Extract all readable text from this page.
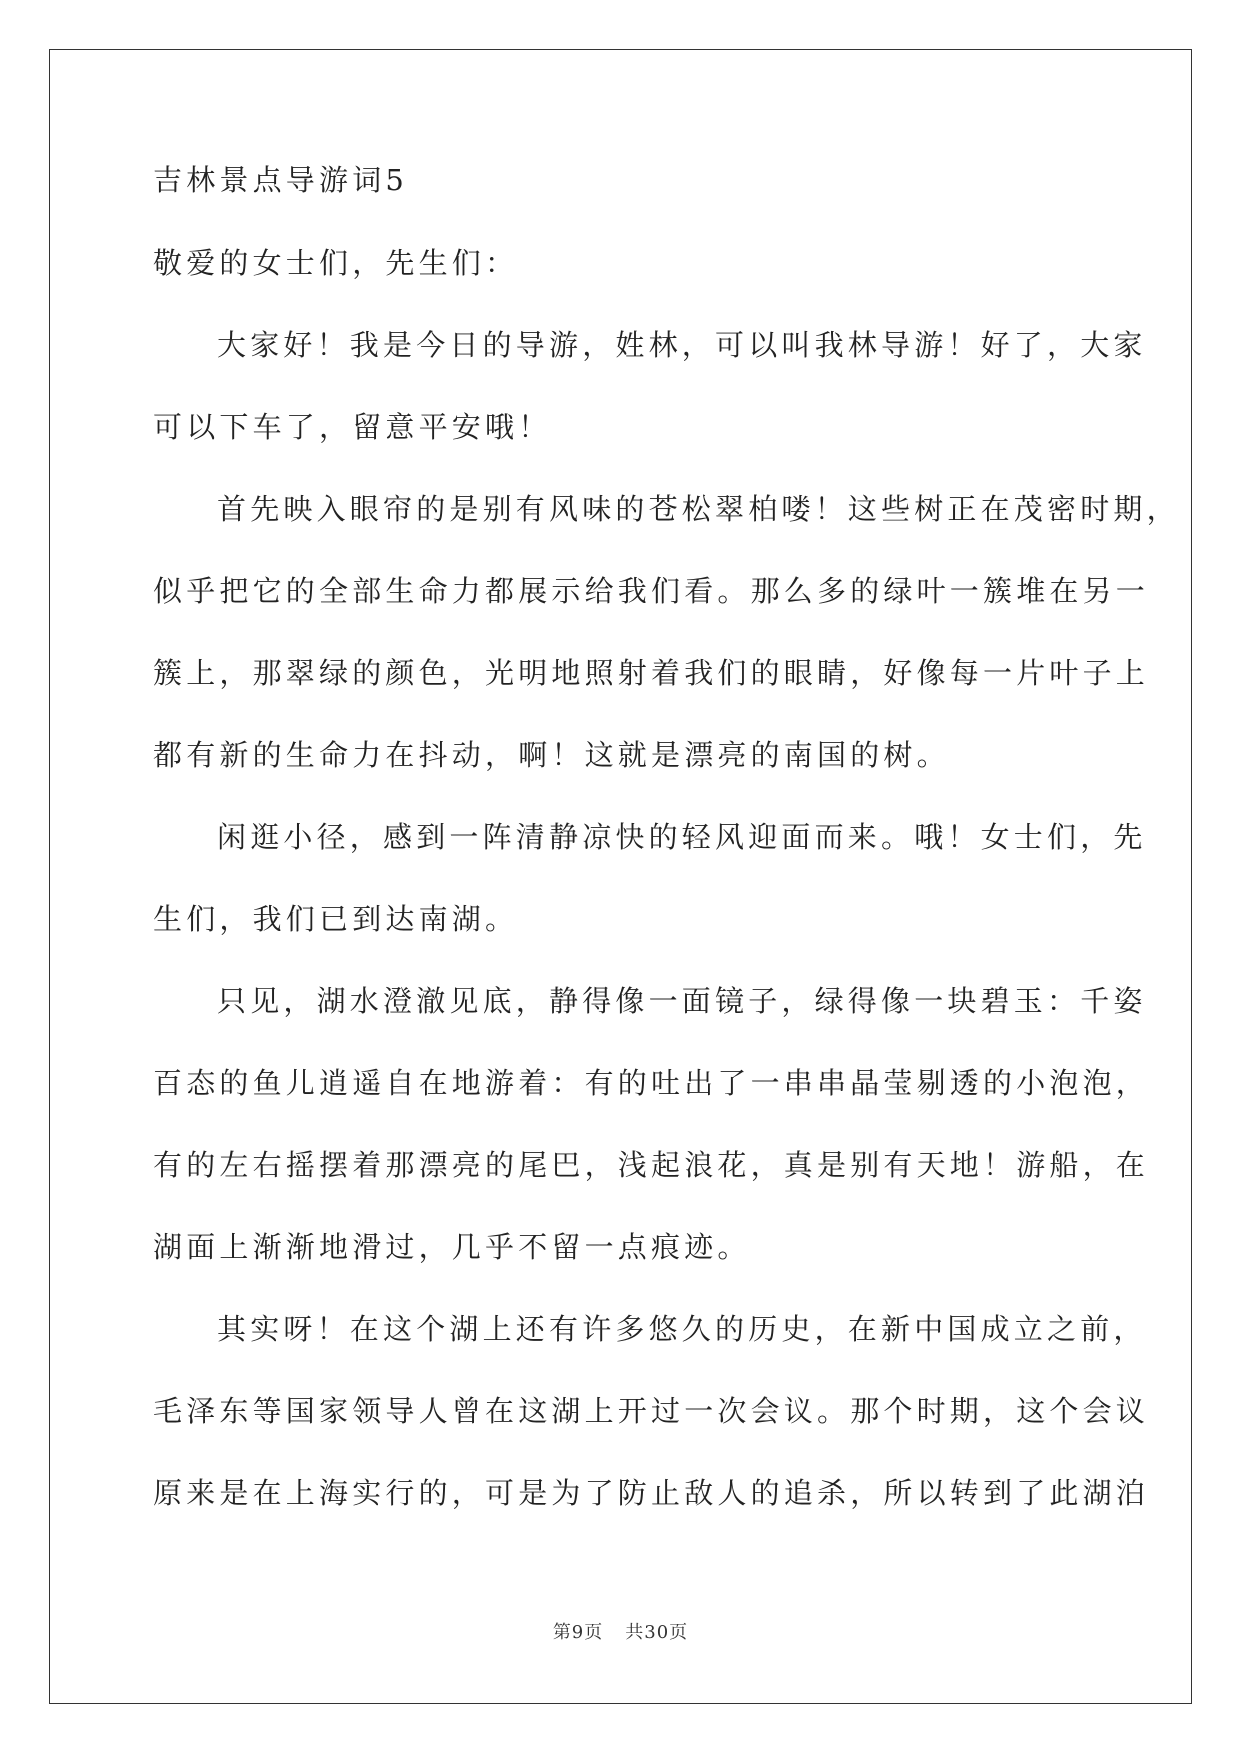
吉林景点导游词5

敬爱的女士们，先生们：

大家好！我是今日的导游，姓林，可以叫我林导游！好了，大家

可以下车了，留意平安哦！

首先映入眼帘的是别有风味的苍松翠柏喽！这些树正在茂密时期，

似乎把它的全部生命力都展示给我们看。那么多的绿叶一簇堆在另一

簇上，那翠绿的颜色，光明地照射着我们的眼睛，好像每一片叶子上

都有新的生命力在抖动，啊！这就是漂亮的南国的树。

闲逛小径，感到一阵清静凉快的轻风迎面而来。哦！女士们，先

生们，我们已到达南湖。

只见，湖水澄澈见底，静得像一面镜子，绿得像一块碧玉：千姿

百态的鱼儿逍遥自在地游着：有的吐出了一串串晶莹剔透的小泡泡，

有的左右摇摆着那漂亮的尾巴，浅起浪花，真是别有天地！游船，在

湖面上渐渐地滑过，几乎不留一点痕迹。

其实呀！在这个湖上还有许多悠久的历史，在新中国成立之前，

毛泽东等国家领导人曾在这湖上开过一次会议。那个时期，这个会议

原来是在上海实行的，可是为了防止敌人的追杀，所以转到了此湖泊

第9页 共30页
